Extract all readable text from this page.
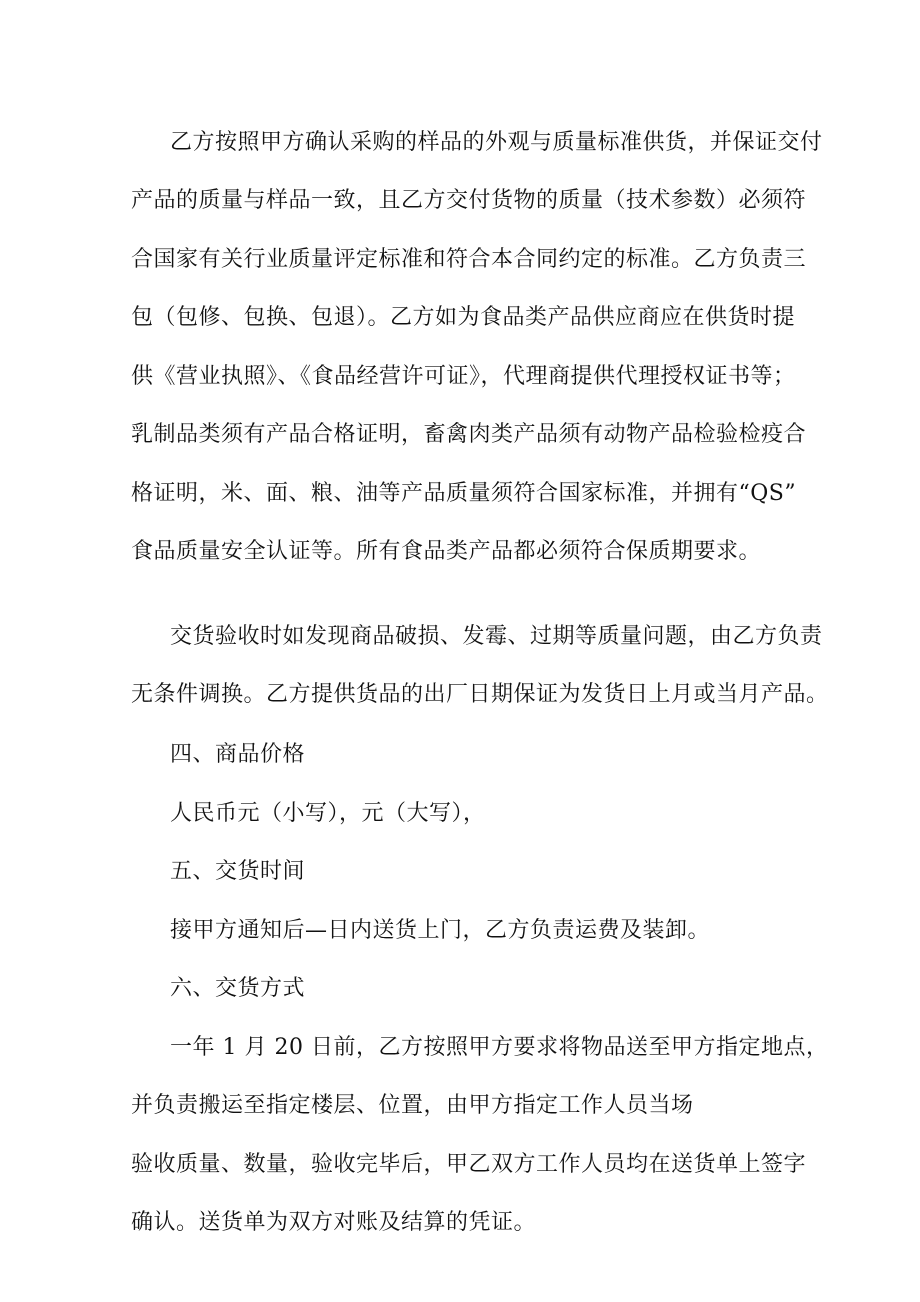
乙方按照甲方确认采购的样品的外观与质量标准供货，并保证交付
产品的质量与样品一致，且乙方交付货物的质量（技术参数）必须符
合国家有关行业质量评定标准和符合本合同约定的标准。乙方负责三
包（包修、包换、包退）。乙方如为食品类产品供应商应在供货时提
供《营业执照》、《食品经营许可证》，代理商提供代理授权证书等；
乳制品类须有产品合格证明，畜禽肉类产品须有动物产品检验检疫合
格证明，米、面、粮、油等产品质量须符合国家标准，并拥有“QS”
食品质量安全认证等。所有食品类产品都必须符合保质期要求。
交货验收时如发现商品破损、发霉、过期等质量问题，由乙方负责
无条件调换。乙方提供货品的出厂日期保证为发货日上月或当月产品。
四、商品价格
人民币元（小写），元（大写），
五、交货时间
接甲方通知后—日内送货上门，乙方负责运费及装卸。
六、交货方式
一年 1 月 20 日前，乙方按照甲方要求将物品送至甲方指定地点，
并负责搬运至指定楼层、位置，由甲方指定工作人员当场
验收质量、数量，验收完毕后，甲乙双方工作人员均在送货单上签字
确认。送货单为双方对账及结算的凭证。
